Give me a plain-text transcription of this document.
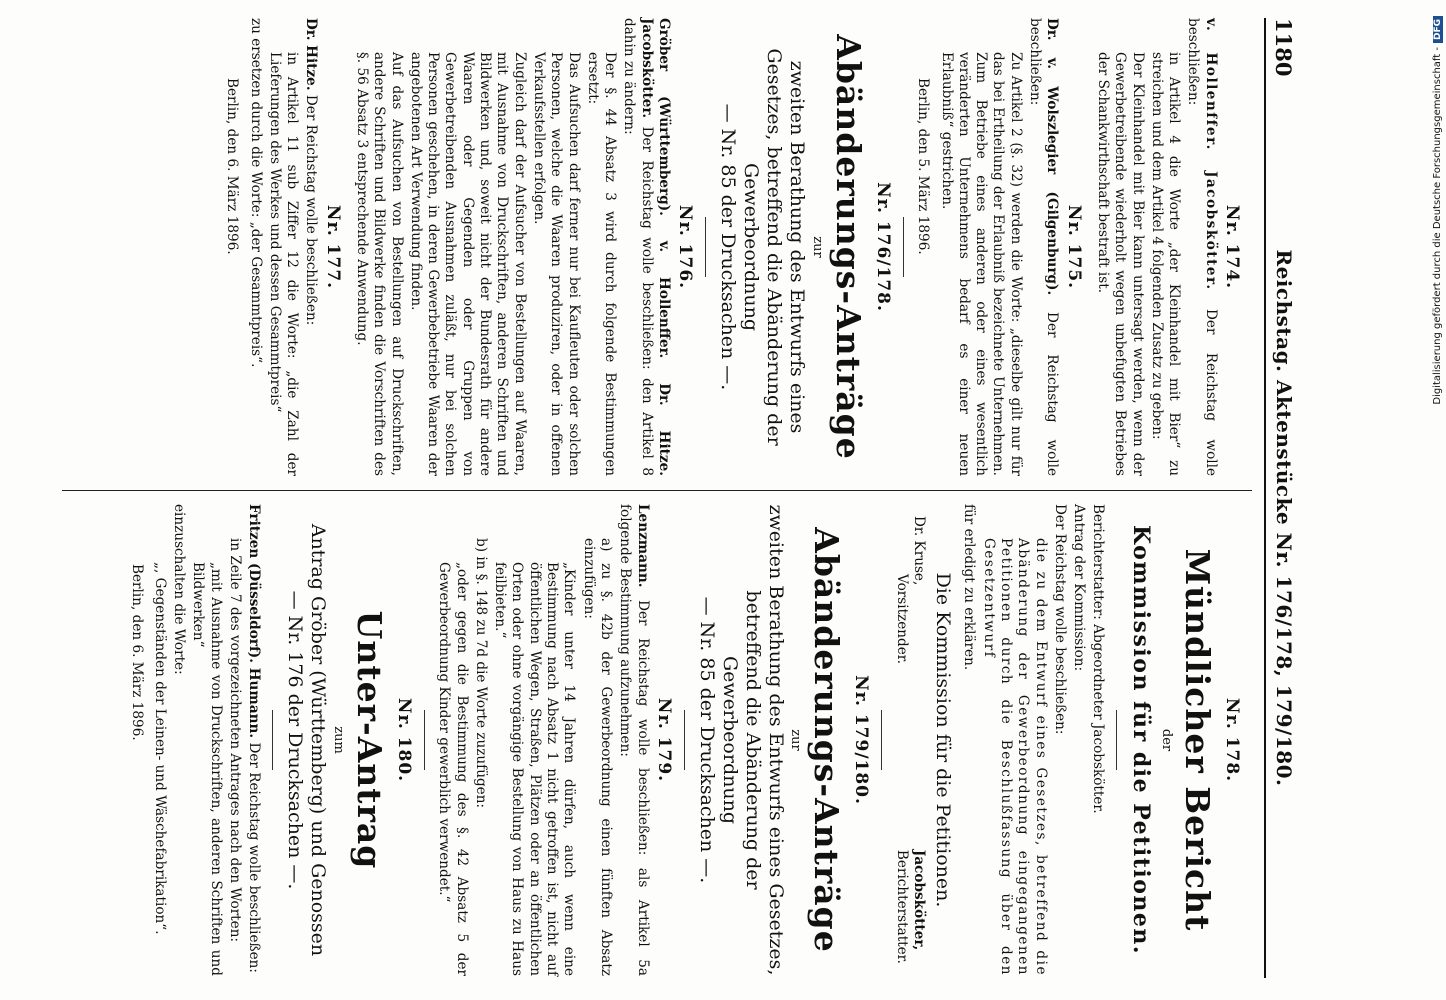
1180
Reichstag. Aktenstücke Nr. 176/178, 179/180.
Nr. 174.

v. Hollenffer. Jacobskötter. Der Reichstag wolle beschließen:

in Artikel 4 die Worte „der Kleinhandel mit Bier“ zu streichen und dem Artikel 4 folgenden Zusatz zu geben:

Der Kleinhandel mit Bier kann untersagt werden, wenn der Gewerbetreibende wiederholt wegen unbefugten Betriebes der Schankwirthschaft bestraft ist.

Nr. 175.

Dr. v. Wolszlegier (Gilgenburg). Der Reichstag wolle beschließen:

Zu Artikel 2 (§. 32) werden die Worte: „dieselbe gilt nur für das bei Ertheilung der Erlaubniß bezeichnete Unternehmen. Zum Betriebe eines anderen oder eines wesentlich veränderten Unternehmens bedarf es einer neuen Erlaubniß“ gestrichen.

Berlin, den 5. März 1896.

Nr. 176/178.
Abänderungs-Anträge
zur
zweiten Berathung des Entwurfs eines Gesetzes, betreffend die Abänderung der Gewerbeordnung
— Nr. 85 der Drucksachen —.
Nr. 176.

Gröber (Württemberg). v. Hollenffer. Dr. Hitze. Jacobskötter. Der Reichstag wolle beschließen: den Artikel 8 dahin zu ändern:

Der §. 44 Absatz 3 wird durch folgende Bestimmungen ersetzt:

Das Aufsuchen darf ferner nur bei Kaufleuten oder solchen Personen, welche die Waaren produziren, oder in offenen Verkaufsstellen erfolgen.

Zugleich darf der Aufsucher von Bestellungen auf Waaren, mit Ausnahme von Druckschriften, anderen Schriften und Bildwerken und, soweit nicht der Bundesrath für andere Waaren oder Gegenden oder Gruppen von Gewerbetreibenden Ausnahmen zuläßt, nur bei solchen Personen geschehen, in deren Gewerbebetriebe Waaren der angebotenen Art Verwendung finden.

Auf das Aufsuchen von Bestellungen auf Druckschriften, andere Schriften und Bildwerke finden die Vorschriften des §. 56 Absatz 3 entsprechende Anwendung.

Nr. 177.

Dr. Hitze. Der Reichstag wolle beschließen:

in Artikel 11 sub Ziffer 12 die Worte: „die Zahl der Lieferungen des Werkes und dessen Gesammtpreis“

zu ersetzen durch die Worte: „der Gesammtpreis“.

Berlin, den 6. März 1896.

Nr. 178.
Mündlicher Bericht
der
Kommission für die Petitionen.

Berichterstatter: Abgeordneter Jacobskötter.

Antrag der Kommission:

Der Reichstag wolle beschließen:

die zu dem Entwurf eines Gesetzes, betreffend die Abänderung der Gewerbeordnung eingegangenen Petitionen durch die Beschlußfassung über den Gesetzentwurf

für erledigt zu erklären.

Die Kommission für die Petitionen.
Dr. Kruse,
Vorsitzender.
Jacobskötter,
Berichterstatter.
Nr. 179/180.
Abänderungs-Anträge
zur
zweiten Berathung des Entwurfs eines Gesetzes, betreffend die Abänderung der Gewerbeordnung
— Nr. 85 der Drucksachen —.
Nr. 179.

Lenzmann. Der Reichstag wolle beschließen: als Artikel 5a folgende Bestimmung aufzunehmen:

a) zu §. 42b der Gewerbeordnung einen fünften Absatz einzufügen:

„Kinder unter 14 Jahren dürfen, auch wenn eine Bestimmung nach Absatz 1 nicht getroffen ist, nicht auf öffentlichen Wegen, Straßen, Plätzen oder an öffentlichen Orten oder ohne vorgängige Bestellung von Haus zu Haus feilbieten.“

b) in §. 148 zu 7d die Worte zuzufügen:

„oder gegen die Bestimmung des §. 42 Absatz 5 der Gewerbeordnung Kinder gewerblich verwendet.“

Nr. 180.
Unter-Antrag
zum
Antrag Gröber (Württemberg) und Genossen
— Nr. 176 der Drucksachen —.

Fritzen (Düsseldorf). Humann. Der Reichstag wolle beschließen:

in Zeile 7 des vorgezeichneten Antrages nach den Worten:

„mit Ausnahme von Druckschriften, anderen Schriften und Bildwerken“

einzuschalten die Worte:

„, Gegenständen der Leinen- und Wäschefabrikation“.

Berlin, den 6. März 1896.

Digitalisierung gefördert durch die Deutsche Forschungsgemeinschaft -DFG
